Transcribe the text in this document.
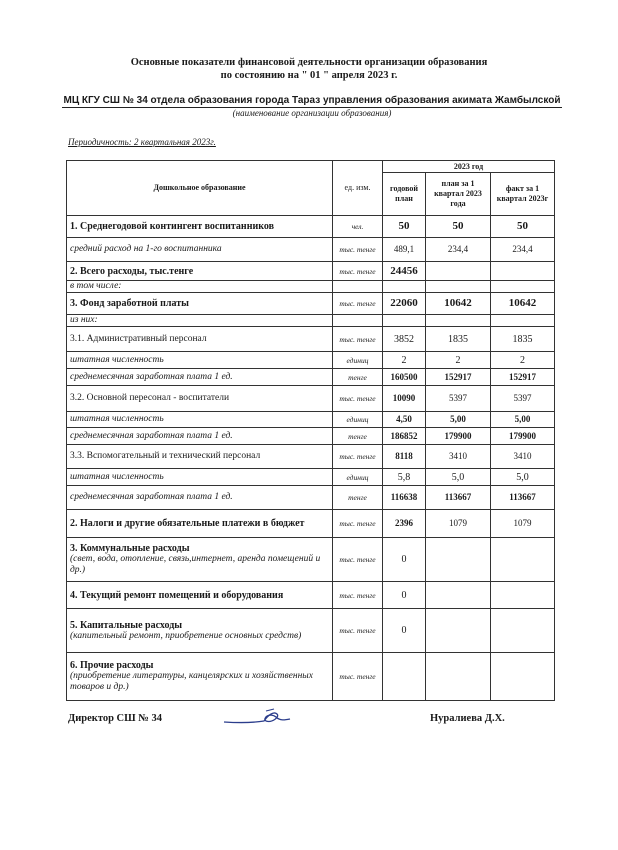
Основные показатели финансовой деятельности организации образования
по состоянию на " 01 " апреля 2023 г.
МЦ КГУ СШ № 34 отдела образования города Тараз управления образования акимата Жамбылской
(наименование организации образования)
Периодичность: 2 квартальная 2023г.
Дошкольное образование	ед. изм.	2023 год		
		годовой план	план за 1 квартал 2023 года	факт за 1 квартал 2023г
1. Среднегодовой контингент воспитанников	чел.	50	50	50
средний расход на 1-го воспитанника	тыс. тенге	489,1	234,4	234,4
2. Всего расходы, тыс.тенге	тыс. тенге	24456		
в том числе:				
3. Фонд заработной платы	тыс. тенге	22060	10642	10642
из них:				
3.1. Административный персонал	тыс. тенге	3852	1835	1835
штатная численность	единиц	2	2	2
среднемесячная заработная плата 1 ед.	тенге	160500	152917	152917
3.2. Основной пересонал - воспитатели	тыс. тенге	10090	5397	5397
штатная численность	единиц	4,50	5,00	5,00
среднемесячная заработная плата 1 ед.	тенге	186852	179900	179900
3.3. Вспомогательный и технический персонал	тыс. тенге	8118	3410	3410
штатная численность	единиц	5,8	5,0	5,0
среднемесячная заработная плата 1 ед.	тенге	116638	113667	113667
2. Налоги и другие обязательные платежи в бюджет	тыс. тенге	2396	1079	1079

3. Коммунальные расходы
(свет, вода, отопление, связь,интернет, аренда помещений и др.)	тыс. тенге	0		
4. Текущий ремонт помещений и оборудования	тыс. тенге	0		

5. Капитальные расходы
(капительный ремонт, приобретение основных средств)	тыс. тенге	0		

6. Прочие расходы
(приобретение литературы, канцелярских и хозяйственных товаров и др.)	тыс. тенге			
Директор СШ № 34	Нуралиева Д.Х.
